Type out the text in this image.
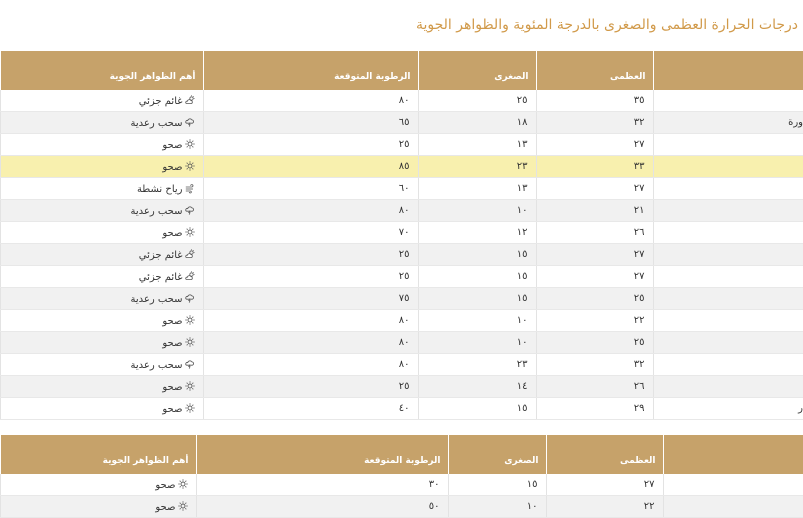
درجات الحرارة العظمى والصغرى بالدرجة المئوية والظواهر الجوية
	العظمى	الصغرى	الرطوبة المتوقعة	أهم الظواهر الجوية
	٣٥	٢٥	٨٠	غائم جزئي
ورة	٣٢	١٨	٦٥	سحب رعدية
	٢٧	١٣	٢٥	صحو
	٣٣	٢٣	٨٥	صحو
	٢٧	١٣	٦٠	رياح نشطة
	٢١	١٠	٨٠	سحب رعدية
	٢٦	١٢	٧٠	صحو
	٢٧	١٥	٢٥	غائم جزئي
	٢٧	١٥	٢٥	غائم جزئي
	٢٥	١٥	٧٥	سحب رعدية
	٢٢	١٠	٨٠	صحو
	٢٥	١٠	٨٠	صحو
	٣٢	٢٣	٨٠	سحب رعدية
	٢٦	١٤	٢٥	صحو
ر	٢٩	١٥	٤٠	صحو
	العظمى	الصغرى	الرطوبة المتوقعة	أهم الظواهر الجوية
	٢٧	١٥	٣٠	صحو
	٢٢	١٠	٥٠	صحو
